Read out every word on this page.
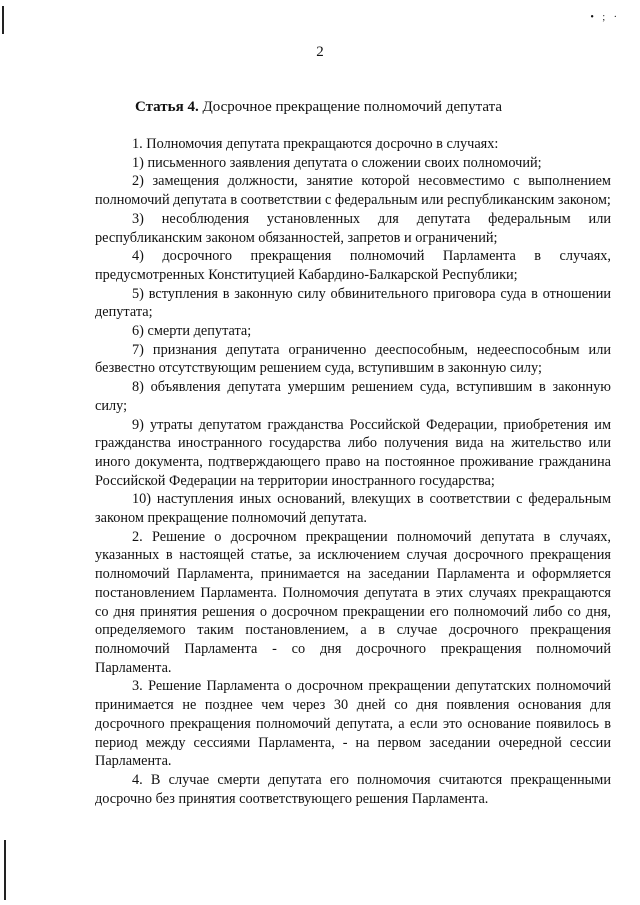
• ; ·
2
Статья 4. Досрочное прекращение полномочий депутата

1. Полномочия депутата прекращаются досрочно в случаях:

1) письменного заявления депутата о сложении своих полномочий;

2) замещения должности, занятие которой несовместимо с выполнением полномочий депутата в соответствии с федеральным или республиканским законом;

3) несоблюдения установленных для депутата федеральным или республиканским законом обязанностей, запретов и ограничений;

4) досрочного прекращения полномочий Парламента в случаях, предусмотренных Конституцией Кабардино-Балкарской Республики;

5) вступления в законную силу обвинительного приговора суда в отношении депутата;

6) смерти депутата;

7) признания депутата ограниченно дееспособным, недееспособным или безвестно отсутствующим решением суда, вступившим в законную силу;

8) объявления депутата умершим решением суда, вступившим в законную силу;

9) утраты депутатом гражданства Российской Федерации, приобретения им гражданства иностранного государства либо получения вида на жительство или иного документа, подтверждающего право на постоянное проживание гражданина Российской Федерации на территории иностранного государства;

10) наступления иных оснований, влекущих в соответствии с федеральным законом прекращение полномочий депутата.

2. Решение о досрочном прекращении полномочий депутата в случаях, указанных в настоящей статье, за исключением случая досрочного прекращения полномочий Парламента, принимается на заседании Парламента и оформляется постановлением Парламента. Полномочия депутата в этих случаях прекращаются со дня принятия решения о досрочном прекращении его полномочий либо со дня, определяемого таким постановлением, а в случае досрочного прекращения полномочий Парламента - со дня досрочного прекращения полномочий Парламента.

3. Решение Парламента о досрочном прекращении депутатских полномочий принимается не позднее чем через 30 дней со дня появления основания для досрочного прекращения полномочий депутата, а если это основание появилось в период между сессиями Парламента, - на первом заседании очередной сессии Парламента.

4. В случае смерти депутата его полномочия считаются прекращенными досрочно без принятия соответствующего решения Парламента.
